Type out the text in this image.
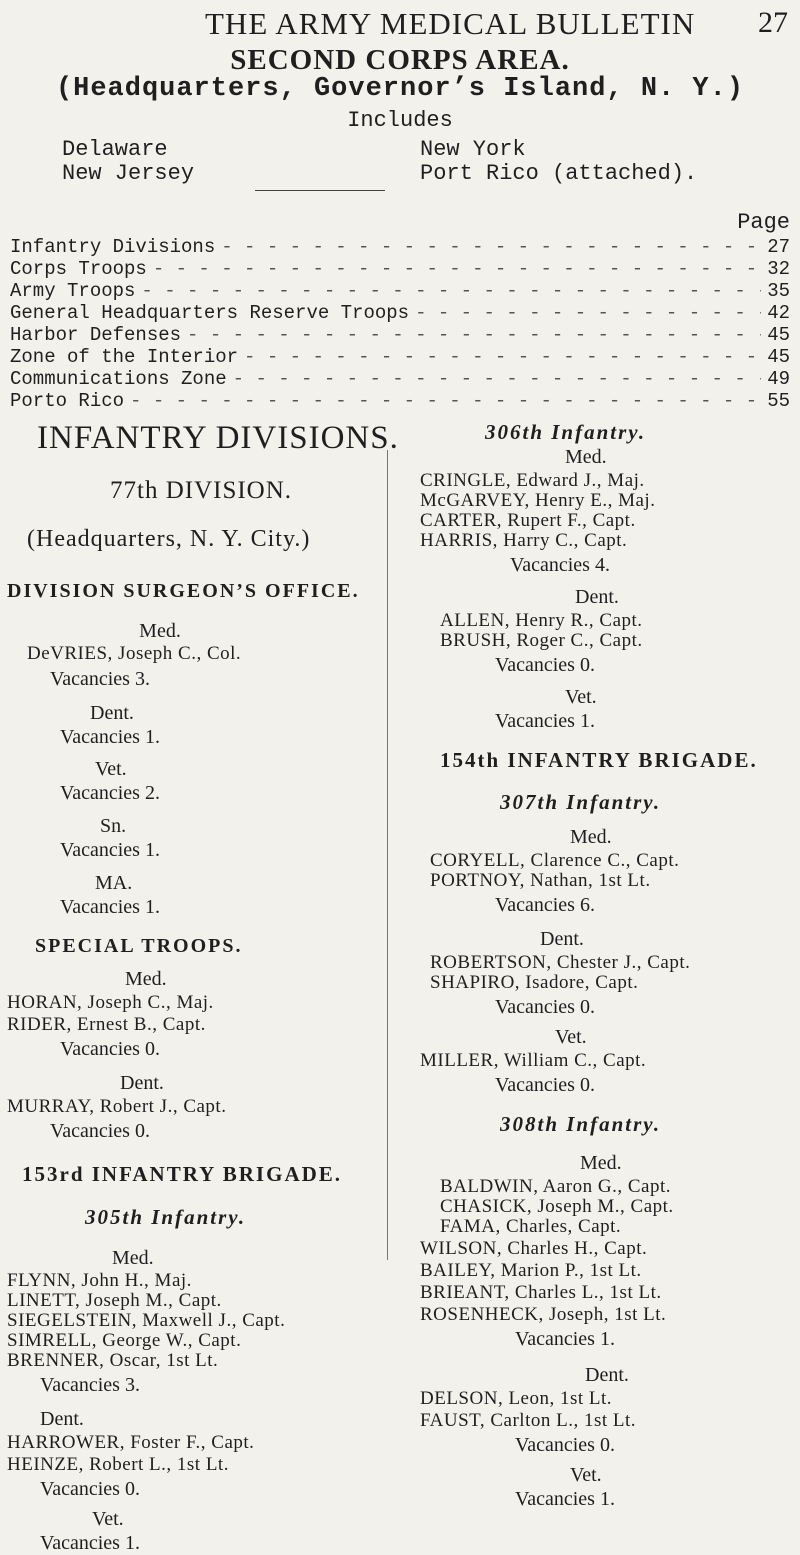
THE ARMY MEDICAL BULLETIN 27
SECOND CORPS AREA.
(Headquarters, Governor’s Island, N. Y.)
Includes
Delaware
New Jersey
New York
Port Rico (attached).
Page
Infantry Divisions - - -	27
Corps Troops - - -	32
Army Troops - - -	35
General Headquarters Reserve Troops - - -	42
Harbor Defenses - - -	45
Zone of the Interior - - -	45
Communications Zone - - -	49
Porto Rico - - -	55
INFANTRY DIVISIONS.
77th DIVISION.
(Headquarters, N. Y. City.)
DIVISION SURGEON’S OFFICE.
Med.
DeVRIES, Joseph C., Col.
Vacancies 3.
Dent.
Vacancies 1.
Vet.
Vacancies 2.
Sn.
Vacancies 1.
MA.
Vacancies 1.
SPECIAL TROOPS.
Med.
HORAN, Joseph C., Maj.
RIDER, Ernest B., Capt.
Vacancies 0.
Dent.
MURRAY, Robert J., Capt.
Vacancies 0.
153rd INFANTRY BRIGADE.
305th Infantry.
Med.
FLYNN, John H., Maj.
LINETT, Joseph M., Capt.
SIEGELSTEIN, Maxwell J., Capt.
SIMRELL, George W., Capt.
BRENNER, Oscar, 1st Lt.
Vacancies 3.
Dent.
HARROWER, Foster F., Capt.
HEINZE, Robert L., 1st Lt.
Vacancies 0.
Vet.
Vacancies 1.
306th Infantry.
Med.
CRINGLE, Edward J., Maj.
McGARVEY, Henry E., Maj.
CARTER, Rupert F., Capt.
HARRIS, Harry C., Capt.
Vacancies 4.
Dent.
ALLEN, Henry R., Capt.
BRUSH, Roger C., Capt.
Vacancies 0.
Vet.
Vacancies 1.
154th INFANTRY BRIGADE.
307th Infantry.
Med.
CORYELL, Clarence C., Capt.
PORTNOY, Nathan, 1st Lt.
Vacancies 6.
Dent.
ROBERTSON, Chester J., Capt.
SHAPIRO, Isadore, Capt.
Vacancies 0.
Vet.
MILLER, William C., Capt.
Vacancies 0.
308th Infantry.
Med.
BALDWIN, Aaron G., Capt.
CHASICK, Joseph M., Capt.
FAMA, Charles, Capt.
WILSON, Charles H., Capt.
BAILEY, Marion P., 1st Lt.
BRIEANT, Charles L., 1st Lt.
ROSENHECK, Joseph, 1st Lt.
Vacancies 1.
Dent.
DELSON, Leon, 1st Lt.
FAUST, Carlton L., 1st Lt.
Vacancies 0.
Vet.
Vacancies 1.
